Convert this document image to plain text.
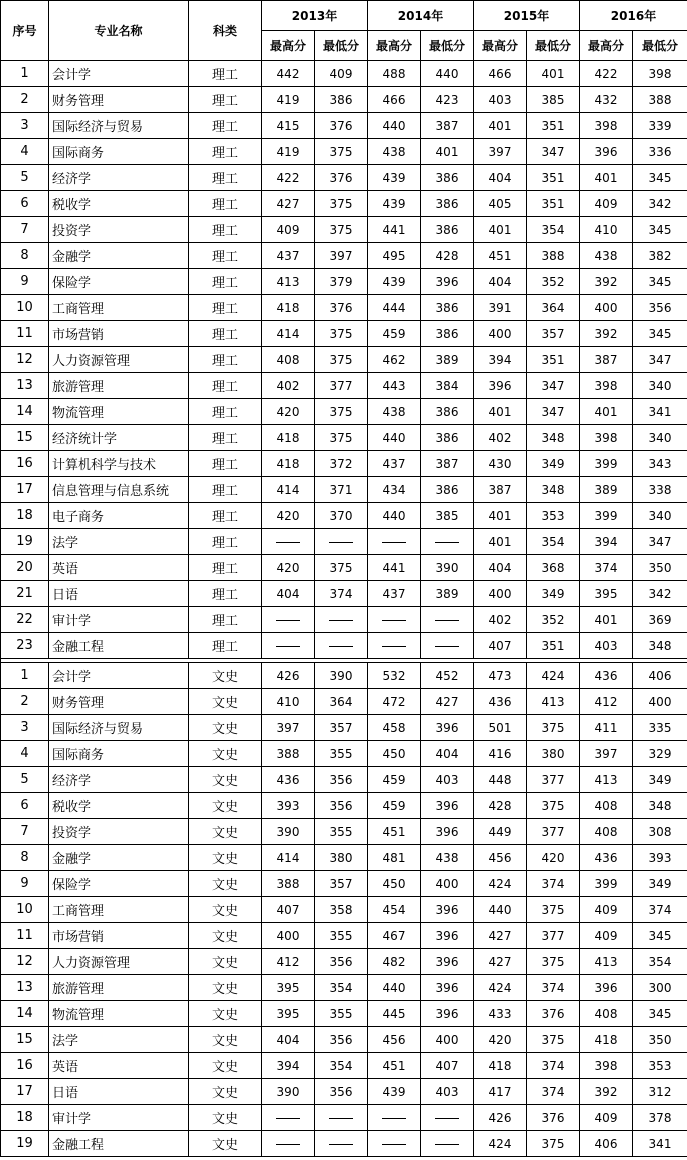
序号	专业名称	科类	2013年		2014年		2015年		2016年	
			最高分	最低分	最高分	最低分	最高分	最低分	最高分	最低分
1	会计学	理工	442	409	488	440	466	401	422	398
2	财务管理	理工	419	386	466	423	403	385	432	388
3	国际经济与贸易	理工	415	376	440	387	401	351	398	339
4	国际商务	理工	419	375	438	401	397	347	396	336
5	经济学	理工	422	376	439	386	404	351	401	345
6	税收学	理工	427	375	439	386	405	351	409	342
7	投资学	理工	409	375	441	386	401	354	410	345
8	金融学	理工	437	397	495	428	451	388	438	382
9	保险学	理工	413	379	439	396	404	352	392	345
10	工商管理	理工	418	376	444	386	391	364	400	356
11	市场营销	理工	414	375	459	386	400	357	392	345
12	人力资源管理	理工	408	375	462	389	394	351	387	347
13	旅游管理	理工	402	377	443	384	396	347	398	340
14	物流管理	理工	420	375	438	386	401	347	401	341
15	经济统计学	理工	418	375	440	386	402	348	398	340
16	计算机科学与技术	理工	418	372	437	387	430	349	399	343
17	信息管理与信息系统	理工	414	371	434	386	387	348	389	338
18	电子商务	理工	420	370	440	385	401	353	399	340
19	法学	理工					401	354	394	347
20	英语	理工	420	375	441	390	404	368	374	350
21	日语	理工	404	374	437	389	400	349	395	342
22	审计学	理工					402	352	401	369
23	金融工程	理工					407	351	403	348

1	会计学	文史	426	390	532	452	473	424	436	406
2	财务管理	文史	410	364	472	427	436	413	412	400
3	国际经济与贸易	文史	397	357	458	396	501	375	411	335
4	国际商务	文史	388	355	450	404	416	380	397	329
5	经济学	文史	436	356	459	403	448	377	413	349
6	税收学	文史	393	356	459	396	428	375	408	348
7	投资学	文史	390	355	451	396	449	377	408	308
8	金融学	文史	414	380	481	438	456	420	436	393
9	保险学	文史	388	357	450	400	424	374	399	349
10	工商管理	文史	407	358	454	396	440	375	409	374
11	市场营销	文史	400	355	467	396	427	377	409	345
12	人力资源管理	文史	412	356	482	396	427	375	413	354
13	旅游管理	文史	395	354	440	396	424	374	396	300
14	物流管理	文史	395	355	445	396	433	376	408	345
15	法学	文史	404	356	456	400	420	375	418	350
16	英语	文史	394	354	451	407	418	374	398	353
17	日语	文史	390	356	439	403	417	374	392	312
18	审计学	文史					426	376	409	378
19	金融工程	文史					424	375	406	341
